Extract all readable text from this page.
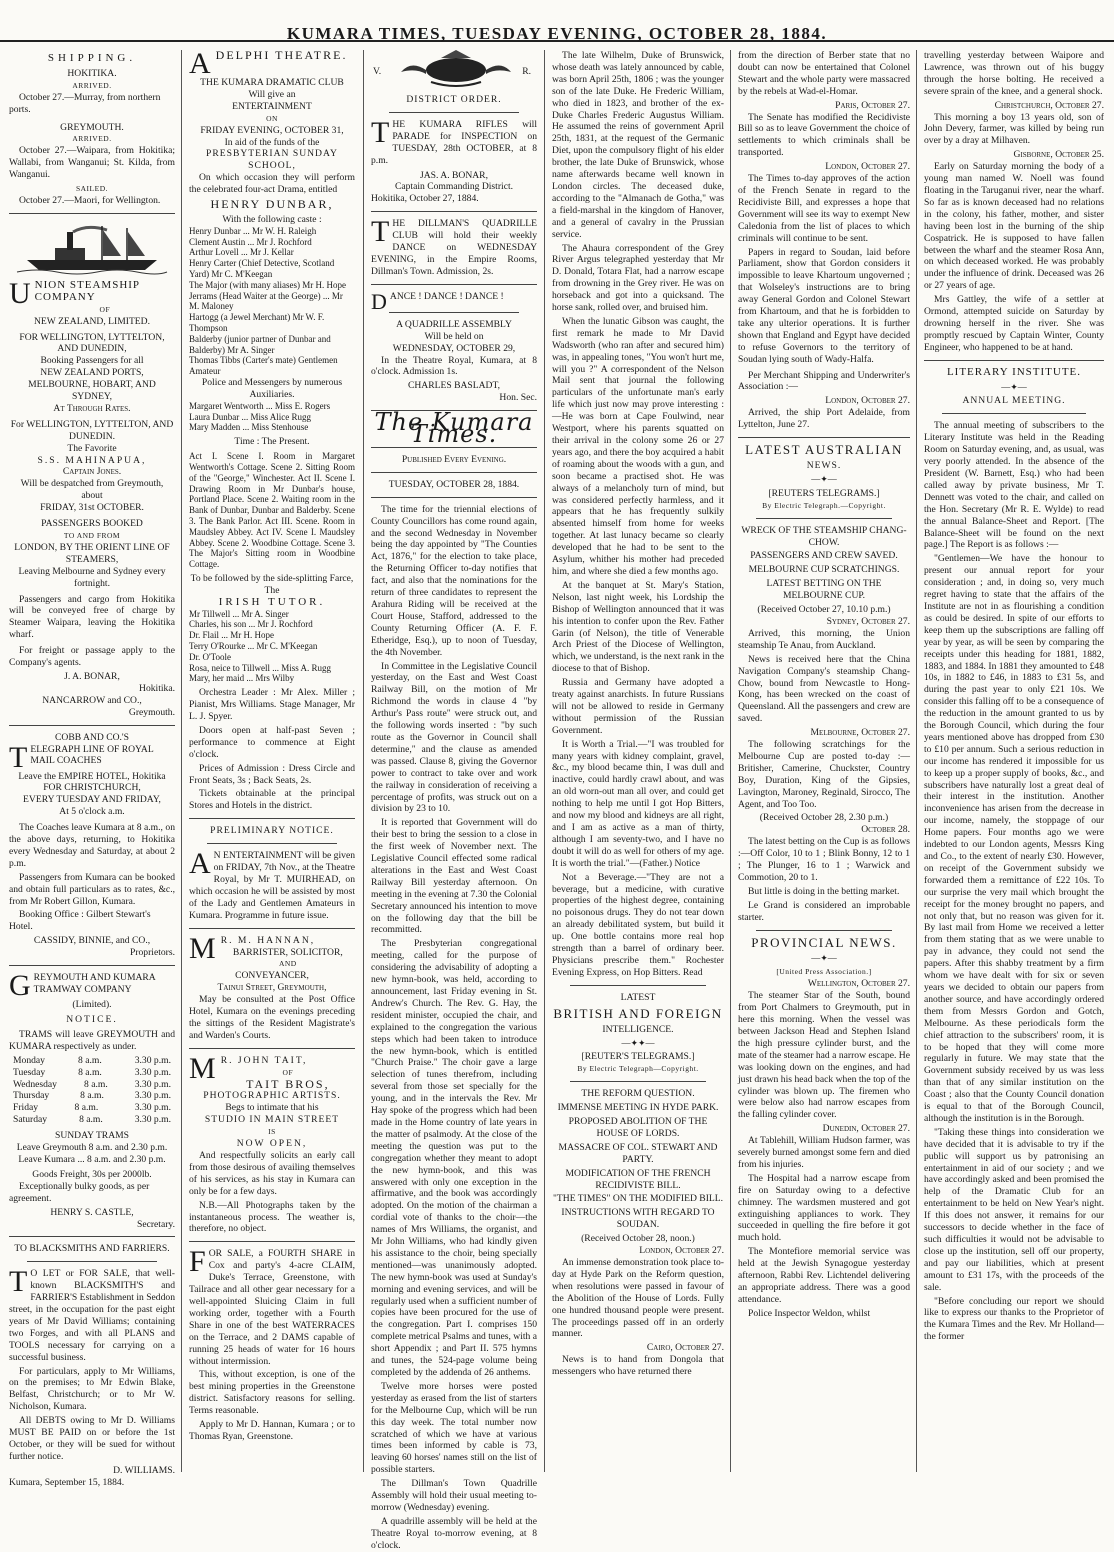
KUMARA TIMES, TUESDAY EVENING, OCTOBER 28, 1884.
SHIPPING.
HOKITIKA.
ARRIVED.

October 27.—Murray, from northern ports.

GREYMOUTH.
ARRIVED.

October 27.—Waipara, from Hokitika; Wallabi, from Wanganui; St. Kilda, from Wanganui.

SAILED.

October 27.—Maori, for Wellington.

UNION STEAMSHIP COMPANY
OF
NEW ZEALAND, LIMITED.
FOR WELLINGTON, LYTTELTON, AND DUNEDIN,
Booking Passengers for all
NEW ZEALAND PORTS, MELBOURNE, HOBART, AND SYDNEY,
At Through Rates.
For WELLINGTON, LYTTELTON, AND DUNEDIN.
The Favorite
S.S. MAHINAPUA,
Captain Jones.
Will be despatched from Greymouth, about
FRIDAY, 31st OCTOBER.
PASSENGERS BOOKED
TO AND FROM
LONDON, BY THE ORIENT LINE OF STEAMERS,
Leaving Melbourne and Sydney every fortnight.

Passengers and cargo from Hokitika will be conveyed free of charge by Steamer Waipara, leaving the Hokitika wharf.

For freight or passage apply to the Company's agents.

J. A. BONAR,
Hokitika.
NANCARROW and CO.,
Greymouth.
COBB AND CO.'S
TELEGRAPH LINE OF ROYAL MAIL COACHES
Leave the EMPIRE HOTEL, Hokitika
FOR CHRISTCHURCH,
EVERY TUESDAY AND FRIDAY,
At 5 o'clock a.m.

The Coaches leave Kumara at 8 a.m., on the above days, returning, to Hokitika every Wednesday and Saturday, at about 2 p.m.

Passengers from Kumara can be booked and obtain full particulars as to rates, &c., from Mr Robert Gillon, Kumara.

Booking Office : Gilbert Stewart's Hotel.

CASSIDY, BINNIE, and CO.,
Proprietors.
GREYMOUTH AND KUMARA TRAMWAY COMPANY
(Limited).
NOTICE.

TRAMS will leave GREYMOUTH and KUMARA respectively as under.

Monday	8 a.m.	3.30 p.m.
Tuesday	8 a.m.	3.30 p.m.
Wednesday	8 a.m.	3.30 p.m.
Thursday	8 a.m.	3.30 p.m.
Friday	8 a.m.	3.30 p.m.
Saturday	8 a.m.	3.30 p.m.
SUNDAY TRAMS
Leave Greymouth 8 a.m. and 2.30 p.m.
Leave Kumara ... 8 a.m. and 2.30 p.m.
Goods Freight, 30s per 2000lb.

Exceptionally bulky goods, as per agreement.

HENRY S. CASTLE,
Secretary.
TO BLACKSMITHS AND FARRIERS.

T O LET or FOR SALE, that well-known BLACKSMITH'S and FARRIER'S Establishment in Seddon street, in the occupation for the past eight years of Mr David Williams; containing two Forges, and with all PLANS and TOOLS necessary for carrying on a successful business.

For particulars, apply to Mr Williams, on the premises; to Mr Edwin Blake, Belfast, Christchurch; or to Mr W. Nicholson, Kumara.

All DEBTS owing to Mr D. Williams MUST BE PAID on or before the 1st October, or they will be sued for without further notice.

D. WILLIAMS.
Kumara, September 15, 1884.
ADELPHI THEATRE.
THE KUMARA DRAMATIC CLUB
Will give an
ENTERTAINMENT
ON
FRIDAY EVENING, OCTOBER 31,
In aid of the funds of the
PRESBYTERIAN SUNDAY SCHOOL,

On which occasion they will perform the celebrated four-act Drama, entitled

HENRY DUNBAR,
With the following caste :
Henry Dunbar ... Mr W. H. Raleigh
Clement Austin ... Mr J. Rochford
Arthur Lovell ... Mr J. Kellar
Henry Carter (Chief Detective, Scotland Yard) Mr C. M'Keegan
The Major (with many aliases) Mr H. Hope
Jerrams (Head Waiter at the George) ... Mr M. Maloney
Hartogg (a Jewel Merchant) Mr W. F. Thompson
Balderby (junior partner of Dunbar and Balderby) Mr A. Singer
Thomas Tibbs (Carter's mate) Gentlemen Amateur
Police and Messengers by numerous Auxiliaries.
Margaret Wentworth ... Miss E. Rogers
Laura Dunbar ... Miss Alice Rugg
Mary Madden ... Miss Stenhouse
Time : The Present.

Act I. Scene I. Room in Margaret Wentworth's Cottage. Scene 2. Sitting Room of the "George," Winchester. Act II. Scene I. Drawing Room in Mr Dunbar's house, Portland Place. Scene 2. Waiting room in the Bank of Dunbar, Dunbar and Balderby. Scene 3. The Bank Parlor. Act III. Scene. Room in Maudsley Abbey. Act IV. Scene I. Maudsley Abbey. Scene 2. Woodbine Cottage. Scene 3. The Major's Sitting room in Woodbine Cottage.

To be followed by the side-splitting Farce, The
IRISH TUTOR.
Mr Tillwell ... Mr A. Singer
Charles, his son ... Mr J. Rochford
Dr. Flail ... Mr H. Hope
Terry O'Rourke ... Mr C. M'Keegan
Dr. O'Toole
Rosa, neice to Tillwell ... Miss A. Rugg
Mary, her maid ... Mrs Wilby

Orchestra Leader : Mr Alex. Miller ; Pianist, Mrs Williams. Stage Manager, Mr L. J. Spyer.

Doors open at half-past Seven ; performance to commence at Eight o'clock.

Prices of Admission : Dress Circle and Front Seats, 3s ; Back Seats, 2s.

Tickets obtainable at the principal Stores and Hotels in the district.

PRELIMINARY NOTICE.

A N ENTERTAINMENT will be given on FRIDAY, 7th Nov., at the Theatre Royal, by Mr T. MUIRHEAD, on which occasion he will be assisted by most of the Lady and Gentlemen Amateurs in Kumara. Programme in future issue.

M R. M. HANNAN,
BARRISTER, SOLICITOR,
AND
CONVEYANCER,
Tainui Street, Greymouth,

May be consulted at the Post Office Hotel, Kumara on the evenings preceding the sittings of the Resident Magistrate's and Warden's Courts.

M R. JOHN TAIT,
OF
TAIT BROS,
PHOTOGRAPHIC ARTISTS.
Begs to intimate that his
STUDIO IN MAIN STREET
IS
NOW OPEN,

And respectfully solicits an early call from those desirous of availing themselves of his services, as his stay in Kumara can only be for a few days.

N.B.—All Photographs taken by the instantaneous process. The weather is, therefore, no object.

FOR SALE, a FOURTH SHARE in Cox and party's 4-acre CLAIM, Duke's Terrace, Greenstone, with Tailrace and all other gear necessary for a well-appointed Sluicing Claim in full working order, together with a Fourth Share in one of the best WATERRACES on the Terrace, and 2 DAMS capable of running 25 heads of water for 16 hours without intermission.

This, without exception, is one of the best mining properties in the Greenstone district. Satisfactory reasons for selling. Terms reasonable.

Apply to Mr D. Hannan, Kumara ; or to Thomas Ryan, Greenstone.

V.	R.
DISTRICT ORDER.

THE KUMARA RIFLES will PARADE for INSPECTION on TUESDAY, 28th OCTOBER, at 8 p.m.

JAS. A. BONAR,
Captain Commanding District.
Hokitika, October 27, 1884.

THE DILLMAN'S QUADRILLE CLUB will hold their weekly DANCE on WEDNESDAY EVENING, in the Empire Rooms, Dillman's Town. Admission, 2s.

DANCE ! DANCE ! DANCE !
A QUADRILLE ASSEMBLY
Will be held on
WEDNESDAY, OCTOBER 29,

In the Theatre Royal, Kumara, at 8 o'clock. Admission 1s.

CHARLES BASLADT,
Hon. Sec.
The Kumara Times.
Published Every Evening.
TUESDAY, OCTOBER 28, 1884.

The time for the triennial elections of County Councillors has come round again, and the second Wednesday in November being the day appointed by "The Counties Act, 1876," for the election to take place, the Returning Officer to-day notifies that fact, and also that the nominations for the return of three candidates to represent the Arahura Riding will be received at the Court House, Stafford, addressed to the County Returning Officer (A. F. F. Etheridge, Esq.), up to noon of Tuesday, the 4th November.

In Committee in the Legislative Council yesterday, on the East and West Coast Railway Bill, on the motion of Mr Richmond the words in clause 4 "by Arthur's Pass route" were struck out, and the following words inserted : "by such route as the Governor in Council shall determine," and the clause as amended was passed. Clause 8, giving the Governor power to contract to take over and work the railway in consideration of receiving a percentage of profits, was struck out on a division by 23 to 10.

It is reported that Government will do their best to bring the session to a close in the first week of November next. The Legislative Council effected some radical alterations in the East and West Coast Railway Bill yesterday afternoon. On meeting in the evening at 7.30 the Colonial Secretary announced his intention to move on the following day that the bill be recommitted.

The Presbyterian congregational meeting, called for the purpose of considering the advisability of adopting a new hymn-book, was held, according to announcement, last Friday evening in St. Andrew's Church. The Rev. G. Hay, the resident minister, occupied the chair, and explained to the congregation the various steps which had been taken to introduce the new hymn-book, which is entitled "Church Praise." The choir gave a large selection of tunes therefrom, including several from those set specially for the young, and in the intervals the Rev. Mr Hay spoke of the progress which had been made in the Home country of late years in the matter of psalmody. At the close of the meeting the question was put to the congregation whether they meant to adopt the new hymn-book, and this was answered with only one exception in the affirmative, and the book was accordingly adopted. On the motion of the chairman a cordial vote of thanks to the choir—the names of Mrs Williams, the organist, and Mr John Williams, who had kindly given his assistance to the choir, being specially mentioned—was unanimously adopted. The new hymn-book was used at Sunday's morning and evening services, and will be regularly used when a sufficient number of copies have been procured for the use of the congregation. Part I. comprises 150 complete metrical Psalms and tunes, with a short Appendix ; and Part II. 575 hymns and tunes, the 524-page volume being completed by the addenda of 26 anthems.

Twelve more horses were posted yesterday as erased from the list of starters for the Melbourne Cup, which will be run this day week. The total number now scratched of which we have at various times been informed by cable is 73, leaving 60 horses' names still on the list of possible starters.

The Dillman's Town Quadrille Assembly will hold their usual meeting to-morrow (Wednesday) evening.

A quadrille assembly will be held at the Theatre Royal to-morrow evening, at 8 o'clock.

The late Wilhelm, Duke of Brunswick, whose death was lately announced by cable, was born April 25th, 1806 ; was the younger son of the late Duke. He Frederic William, who died in 1823, and brother of the ex-Duke Charles Frederic Augustus William. He assumed the reins of government April 25th, 1831, at the request of the Germanic Diet, upon the compulsory flight of his elder brother, the late Duke of Brunswick, whose name afterwards became well known in London circles. The deceased duke, according to the "Almanach de Gotha," was a field-marshal in the kingdom of Hanover, and a general of cavalry in the Prussian service.

The Ahaura correspondent of the Grey River Argus telegraphed yesterday that Mr D. Donald, Totara Flat, had a narrow escape from drowning in the Grey river. He was on horseback and got into a quicksand. The horse sank, rolled over, and bruised him.

When the lunatic Gibson was caught, the first remark he made to Mr David Wadsworth (who ran after and secured him) was, in appealing tones, "You won't hurt me, will you ?" A correspondent of the Nelson Mail sent that journal the following particulars of the unfortunate man's early life which just now may prove interesting :—He was born at Cape Foulwind, near Westport, where his parents squatted on their arrival in the colony some 26 or 27 years ago, and there the boy acquired a habit of roaming about the woods with a gun, and soon became a practised shot. He was always of a melancholy turn of mind, but was considered perfectly harmless, and it appears that he has frequently sulkily absented himself from home for weeks together. At last lunacy became so clearly developed that he had to be sent to the Asylum, whither his mother had preceded him, and where she died a few months ago.

At the banquet at St. Mary's Station, Nelson, last night week, his Lordship the Bishop of Wellington announced that it was his intention to confer upon the Rev. Father Garin (of Nelson), the title of Venerable Arch Priest of the Diocese of Wellington, which, we understand, is the next rank in the diocese to that of Bishop.

Russia and Germany have adopted a treaty against anarchists. In future Russians will not be allowed to reside in Germany without permission of the Russian Government.

It is Worth a Trial.—"I was troubled for many years with kidney complaint, gravel, &c., my blood became thin, I was dull and inactive, could hardly crawl about, and was an old worn-out man all over, and could get nothing to help me until I got Hop Bitters, and now my blood and kidneys are all right, and I am as active as a man of thirty, although I am seventy-two, and I have no doubt it will do as well for others of my age. It is worth the trial."—(Father.) Notice

Not a Beverage.—"They are not a beverage, but a medicine, with curative properties of the highest degree, containing no poisonous drugs. They do not tear down an already debilitated system, but build it up. One bottle contains more real hop strength than a barrel of ordinary beer. Physicians prescribe them." Rochester Evening Express, on Hop Bitters. Read

LATEST
BRITISH AND FOREIGN
INTELLIGENCE.
—✦✦—
[REUTER'S TELEGRAMS.]
By Electric Telegraph—Copyright.
THE REFORM QUESTION.
IMMENSE MEETING IN HYDE PARK.
PROPOSED ABOLITION OF THE HOUSE OF LORDS.
MASSACRE OF COL. STEWART AND PARTY.
MODIFICATION OF THE FRENCH RECIDIVISTE BILL.
"THE TIMES" ON THE MODIFIED BILL.
INSTRUCTIONS WITH REGARD TO SOUDAN.
(Received October 28, noon.)
London, October 27.

An immense demonstration took place to-day at Hyde Park on the Reform question, when resolutions were passed in favour of the Abolition of the House of Lords. Fully one hundred thousand people were present. The proceedings passed off in an orderly manner.

Cairo, October 27.

News is to hand from Dongola that messengers who have returned there

from the direction of Berber state that no doubt can now be entertained that Colonel Stewart and the whole party were massacred by the rebels at Wad-el-Homar.

Paris, October 27.

The Senate has modified the Recidiviste Bill so as to leave Government the choice of settlements to which criminals shall be transported.

London, October 27.

The Times to-day approves of the action of the French Senate in regard to the Recidiviste Bill, and expresses a hope that Government will see its way to exempt New Caledonia from the list of places to which criminals will continue to be sent.

Papers in regard to Soudan, laid before Parliament, show that Gordon considers it impossible to leave Khartoum ungoverned ; that Wolseley's instructions are to bring away General Gordon and Colonel Stewart from Khartoum, and that he is forbidden to take any ulterior operations. It is further shown that England and Egypt have decided to refuse Governors to the territory of Soudan lying south of Wady-Halfa.

Per Merchant Shipping and Underwriter's Association :—

London, October 27.

Arrived, the ship Port Adelaide, from Lyttelton, June 27.

LATEST AUSTRALIAN
NEWS.
—✦—
[REUTERS TELEGRAMS.]
By Electric Telegraph.—Copyright.
WRECK OF THE STEAMSHIP CHANG-CHOW.
PASSENGERS AND CREW SAVED.
MELBOURNE CUP SCRATCHINGS.
LATEST BETTING ON THE MELBOURNE CUP.
(Received October 27, 10.10 p.m.)
Sydney, October 27.

Arrived, this morning, the Union steamship Te Anau, from Auckland.

News is received here that the China Navigation Company's steamship Chang-Chow, bound from Newcastle to Hong-Kong, has been wrecked on the coast of Queensland. All the passengers and crew are saved.

Melbourne, October 27.

The following scratchings for the Melbourne Cup are posted to-day :—Britisher, Camerine, Chuckster, Country Boy, Duration, King of the Gipsies, Lavington, Maroney, Reginald, Sirocco, The Agent, and Too Too.

(Received October 28, 2.30 p.m.)
October 28.

The latest betting on the Cup is as follows :—Off Color, 10 to 1 ; Blink Bonny, 12 to 1 ; The Plunger, 16 to 1 ; Warwick and Commotion, 20 to 1.

But little is doing in the betting market.

Le Grand is considered an improbable starter.

PROVINCIAL NEWS.
—✦—
[United Press Association.]
Wellington, October 27.

The steamer Star of the South, bound from Port Chalmers to Greymouth, put in here this morning. When the vessel was between Jackson Head and Stephen Island the high pressure cylinder burst, and the mate of the steamer had a narrow escape. He was looking down on the engines, and had just drawn his head back when the top of the cylinder was blown up. The firemen who were below also had narrow escapes from the falling cylinder cover.

Dunedin, October 27.

At Tablehill, William Hudson farmer, was severely burned amongst some fern and died from his injuries.

The Hospital had a narrow escape from fire on Saturday owing to a defective chimney. The wardsmen mustered and got extinguishing appliances to work. They succeeded in quelling the fire before it got much hold.

The Montefiore memorial service was held at the Jewish Synagogue yesterday afternoon, Rabbi Rev. Lichtendel delivering an appropriate address. There was a good attendance.

Police Inspector Weldon, whilst

travelling yesterday between Waipore and Lawrence, was thrown out of his buggy through the horse bolting. He received a severe sprain of the knee, and a general shock.

Christchurch, October 27.

This morning a boy 13 years old, son of John Devery, farmer, was killed by being run over by a dray at Milhaven.

Gisborne, October 25.

Early on Saturday morning the body of a young man named W. Noell was found floating in the Taruganui river, near the wharf. So far as is known deceased had no relations in the colony, his father, mother, and sister having been lost in the burning of the ship Cospatrick. He is supposed to have fallen between the wharf and the steamer Rosa Ann, on which deceased worked. He was probably under the influence of drink. Deceased was 26 or 27 years of age.

Mrs Gattley, the wife of a settler at Ormond, attempted suicide on Saturday by drowning herself in the river. She was promptly rescued by Captain Winter, County Engineer, who happened to be at hand.

LITERARY INSTITUTE.
—✦—
ANNUAL MEETING.

The annual meeting of subscribers to the Literary Institute was held in the Reading Room on Saturday evening, and, as usual, was very poorly attended. In the absence of the President (W. Barnett, Esq.) who had been called away by private business, Mr T. Dennett was voted to the chair, and called on the Hon. Secretary (Mr R. E. Wylde) to read the annual Balance-Sheet and Report. [The Balance-Sheet will be found on the next page.] The Report is as follows :—

"Gentlemen—We have the honour to present our annual report for your consideration ; and, in doing so, very much regret having to state that the affairs of the Institute are not in as flourishing a condition as could be desired. In spite of our efforts to keep them up the subscriptions are falling off year by year, as will be seen by comparing the receipts under this heading for 1881, 1882, 1883, and 1884. In 1881 they amounted to £48 10s, in 1882 to £46, in 1883 to £31 5s, and during the past year to only £21 10s. We consider this falling off to be a consequence of the reduction in the amount granted to us by the Borough Council, which during the four years mentioned above has dropped from £30 to £10 per annum. Such a serious reduction in our income has rendered it impossible for us to keep up a proper supply of books, &c., and subscribers have naturally lost a great deal of their interest in the institution. Another inconvenience has arisen from the decrease in our income, namely, the stoppage of our Home papers. Four months ago we were indebted to our London agents, Messrs King and Co., to the extent of nearly £30. However, on receipt of the Government subsidy we forwarded them a remittance of £22 10s. To our surprise the very mail which brought the receipt for the money brought no papers, and not only that, but no reason was given for it. By last mail from Home we received a letter from them stating that as we were unable to pay in advance, they could not send the papers. After this shabby treatment by a firm whom we have dealt with for six or seven years we decided to obtain our papers from another source, and have accordingly ordered them from Messrs Gordon and Gotch, Melbourne. As these periodicals form the chief attraction to the subscribers' room, it is to be hoped that they will come more regularly in future. We may state that the Government subsidy received by us was less than that of any similar institution on the Coast ; also that the County Council donation is equal to that of the Borough Council, although the institution is in the Borough.

"Taking these things into consideration we have decided that it is advisable to try if the public will support us by patronising an entertainment in aid of our society ; and we have accordingly asked and been promised the help of the Dramatic Club for an entertainment to be held on New Year's night. If this does not answer, it remains for our successors to decide whether in the face of such difficulties it would not be advisable to close up the institution, sell off our property, and pay our liabilities, which at present amount to £31 17s, with the proceeds of the sale.

"Before concluding our report we should like to express our thanks to the Proprietor of the Kumara Times and the Rev. Mr Holland—the former
